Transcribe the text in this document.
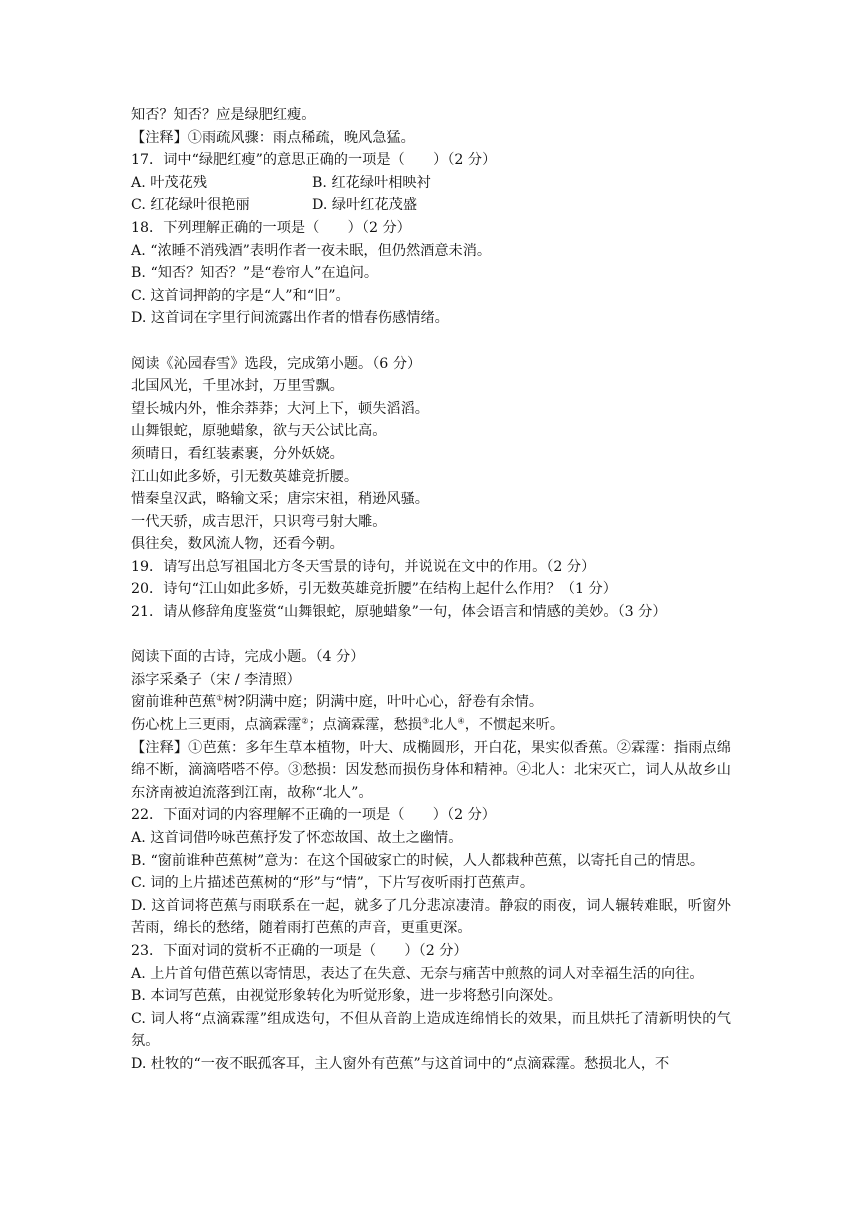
知否？知否？应是绿肥红瘦。
【注释】①雨疏风骤：雨点稀疏，晚风急猛。
17．词中“绿肥红瘦”的意思正确的一项是（　　）（2 分）
A. 叶茂花残	B. 红花绿叶相映衬
C. 红花绿叶很艳丽	D. 绿叶红花茂盛
18．下列理解正确的一项是（　　）（2 分）
A. “浓睡不消残酒”表明作者一夜未眠，但仍然酒意未消。
B. “知否？知否？”是“卷帘人”在追问。
C. 这首词押韵的字是“人”和“旧”。
D. 这首词在字里行间流露出作者的惜春伤感情绪。
阅读《沁园春雪》选段，完成第小题。（6 分）
北国风光，千里冰封，万里雪飘。
望长城内外，惟余莽莽；大河上下，顿失滔滔。
山舞银蛇，原驰蜡象，欲与天公试比高。
须晴日，看红装素裹，分外妖娆。
江山如此多娇，引无数英雄竞折腰。
惜秦皇汉武，略输文采；唐宗宋祖，稍逊风骚。
一代天骄，成吉思汗，只识弯弓射大雕。
俱往矣，数风流人物，还看今朝。
19．请写出总写祖国北方冬天雪景的诗句，并说说在文中的作用。（2 分）
20．诗句“江山如此多娇，引无数英雄竞折腰”在结构上起什么作用？（1 分）
21．请从修辞角度鉴赏“山舞银蛇，原驰蜡象”一句，体会语言和情感的美妙。（3 分）
阅读下面的古诗，完成小题。（4 分）
添字采桑子（宋 / 李清照）
窗前谁种芭蕉①树?阴满中庭；阴满中庭，叶叶心心，舒卷有余情。
伤心枕上三更雨，点滴霖霪②；点滴霖霪，愁损③北人④，不惯起来听。
【注释】①芭蕉：多年生草本植物，叶大、成椭圆形，开白花，果实似香蕉。②霖霪：指雨点绵绵不断，滴滴嗒嗒不停。③愁损：因发愁而损伤身体和精神。④北人：北宋灭亡，词人从故乡山东济南被迫流落到江南，故称“北人”。
22．下面对词的内容理解不正确的一项是（　　）（2 分）
A. 这首词借吟咏芭蕉抒发了怀恋故国、故土之幽情。
B. “窗前谁种芭蕉树”意为：在这个国破家亡的时候，人人都栽种芭蕉，以寄托自己的情思。
C. 词的上片描述芭蕉树的“形”与“情”，下片写夜听雨打芭蕉声。
D. 这首词将芭蕉与雨联系在一起，就多了几分悲凉凄清。静寂的雨夜，词人辗转难眠，听窗外苦雨，绵长的愁绪，随着雨打芭蕉的声音，更重更深。
23．下面对词的赏析不正确的一项是（　　）（2 分）
A. 上片首句借芭蕉以寄情思，表达了在失意、无奈与痛苦中煎熬的词人对幸福生活的向往。
B. 本词写芭蕉，由视觉形象转化为听觉形象，进一步将愁引向深处。
C. 词人将“点滴霖霪”组成迭句，不但从音韵上造成连绵悄长的效果，而且烘托了清新明快的气氛。
D. 杜牧的“一夜不眠孤客耳，主人窗外有芭蕉”与这首词中的“点滴霖霪。愁损北人，不
